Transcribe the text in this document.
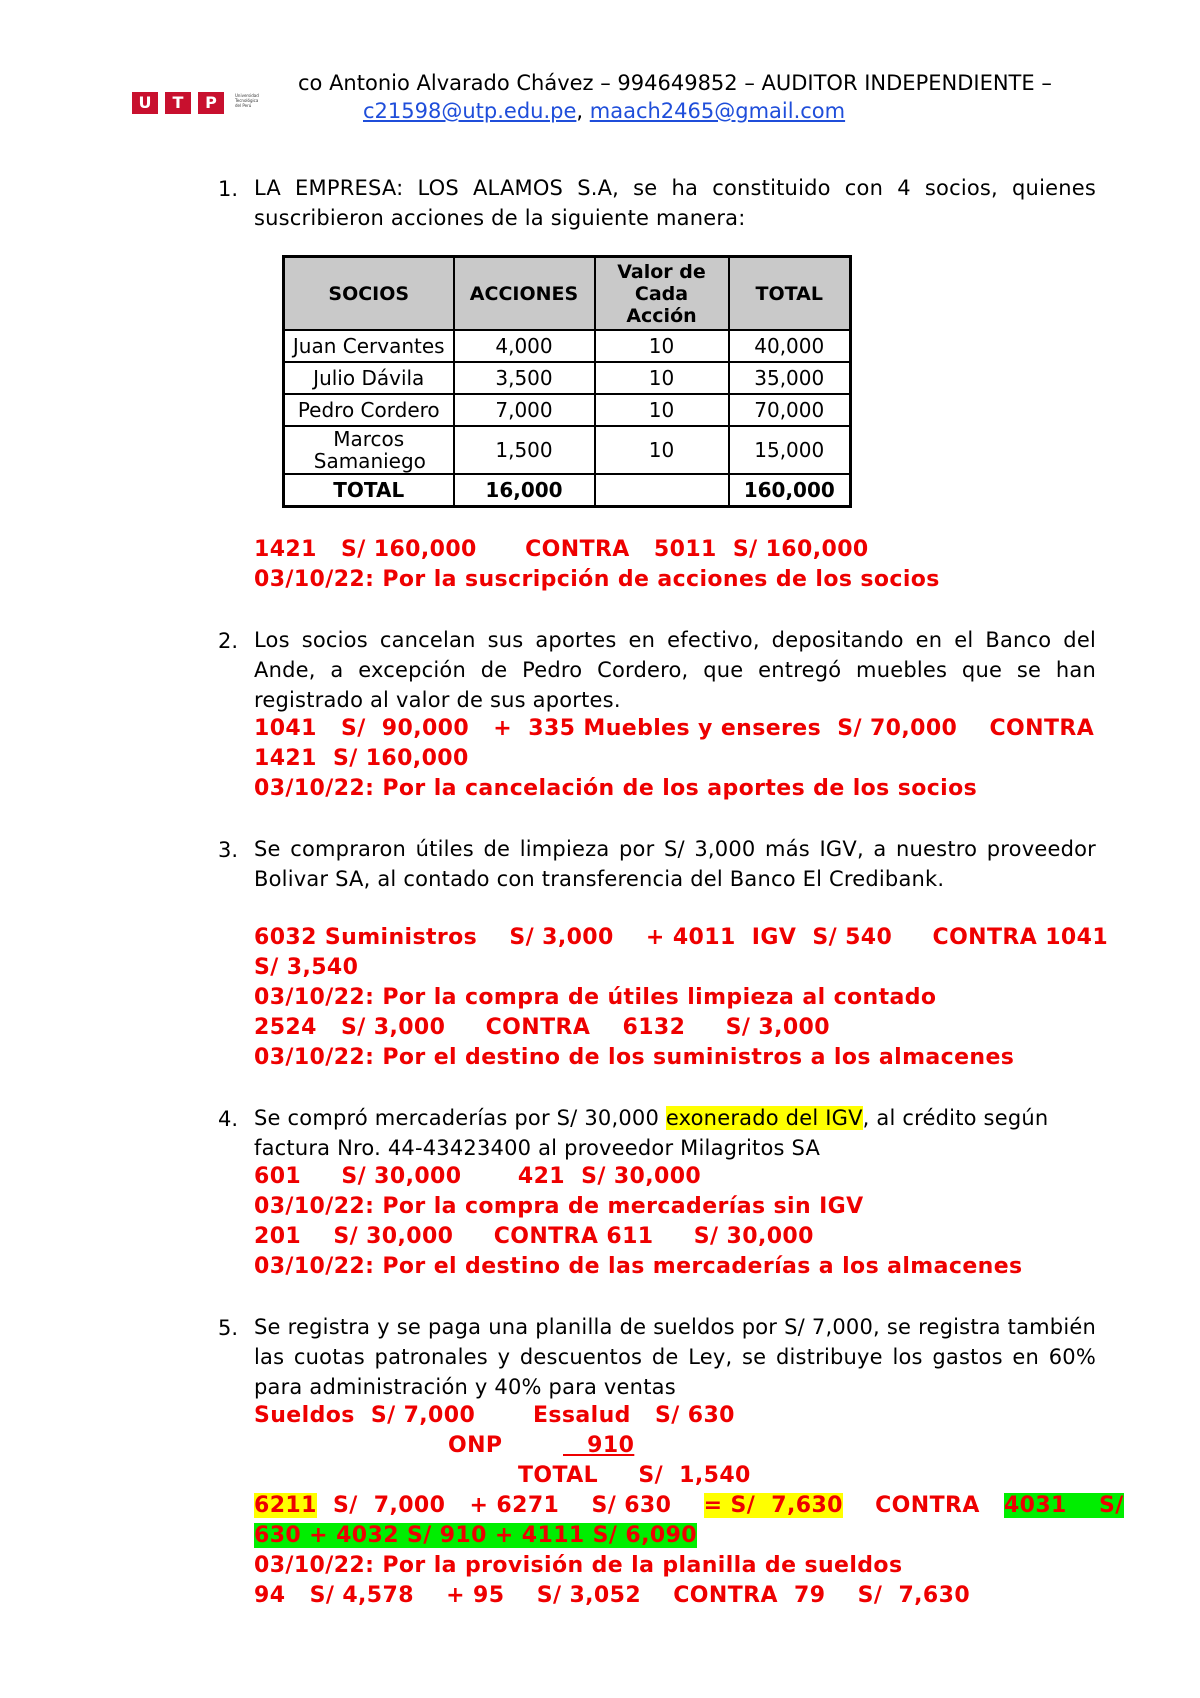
U	T	P	Universidad Tecnológica del Perú
co Antonio Alvarado Chávez – 994649852 – AUDITOR INDEPENDIENTE –
c21598@utp.edu.pe, maach2465@gmail.com
1. LA EMPRESA: LOS ALAMOS S.A, se ha constituido con 4 socios, quienes
suscribieron acciones de la siguiente manera:
SOCIOS	ACCIONES	Valor de Cada Acción	TOTAL
Juan Cervantes	4,000	10	40,000
Julio Dávila	3,500	10	35,000
Pedro Cordero	7,000	10	70,000

Marcos Samaniego	1,500	10	15,000
TOTAL	16,000		160,000
1421   S/ 160,000      CONTRA   5011  S/ 160,000
03/10/22: Por la suscripción de acciones de los socios
2. Los socios cancelan sus aportes en efectivo, depositando en el Banco del Ande, a excepción de Pedro Cordero, que entregó muebles que se han registrado al valor de sus aportes.
1041   S/  90,000   +  335 Muebles y enseres  S/ 70,000    CONTRA
1421  S/ 160,000
03/10/22: Por la cancelación de los aportes de los socios
3. Se compraron útiles de limpieza por S/ 3,000 más IGV, a nuestro proveedor Bolivar SA, al contado con transferencia del Banco El Credibank.
6032 Suministros    S/ 3,000    + 4011  IGV  S/ 540     CONTRA 1041
S/ 3,540
03/10/22: Por la compra de útiles limpieza al contado
2524   S/ 3,000     CONTRA    6132     S/ 3,000
03/10/22: Por el destino de los suministros a los almacenes
4. Se compró mercaderías por S/ 30,000 exonerado del IGV, al crédito según factura Nro. 44-43423400 al proveedor Milagritos SA
601     S/ 30,000       421  S/ 30,000
03/10/22: Por la compra de mercaderías sin IGV
201    S/ 30,000     CONTRA 611     S/ 30,000
03/10/22: Por el destino de las mercaderías a los almacenes
5. Se registra y se paga una planilla de sueldos por S/ 7,000, se registra también las cuotas patronales y descuentos de Ley, se distribuye los gastos en 60% para administración y 40% para ventas
Sueldos  S/ 7,000	Essalud   S/ 630
ONP	910
TOTAL     S/  1,540
6211  S/  7,000   + 6271    S/ 630    = S/  7,630    CONTRA   4031    S/
630 + 4032 S/ 910 + 4111 S/ 6,090
03/10/22: Por la provisión de la planilla de sueldos
94   S/ 4,578    + 95    S/ 3,052    CONTRA  79    S/  7,630
